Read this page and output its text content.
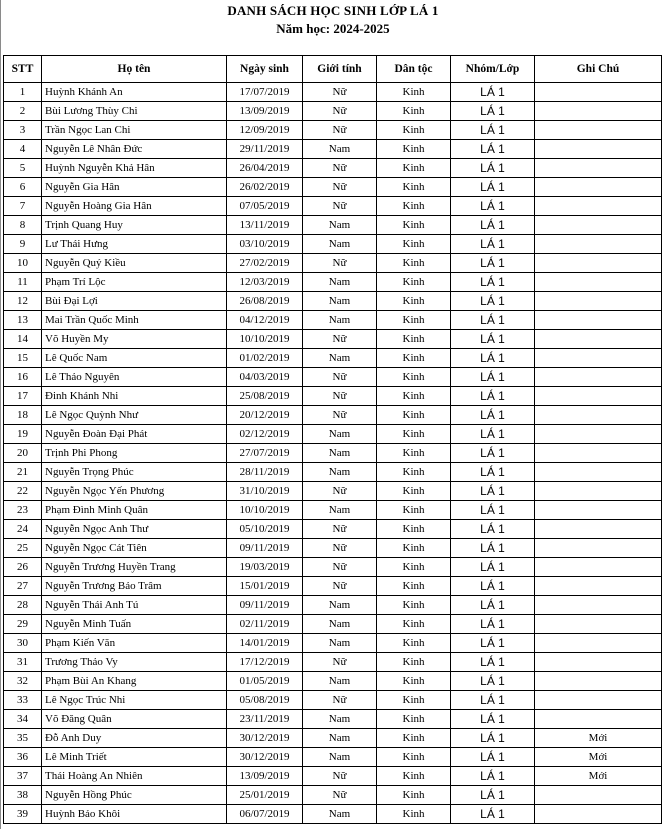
DANH SÁCH HỌC SINH LỚP LÁ 1
Năm học: 2024-2025
STT	Họ tên	Ngày sinh	Giới tính	Dân tộc	Nhóm/Lớp	Ghi Chú
1	Huỳnh Khánh An	17/07/2019	Nữ	Kinh	LÁ 1	
2	Bùi Lương Thùy Chi	13/09/2019	Nữ	Kinh	LÁ 1	
3	Trần Ngọc Lan Chi	12/09/2019	Nữ	Kinh	LÁ 1	
4	Nguyễn Lê Nhân Đức	29/11/2019	Nam	Kinh	LÁ 1	
5	Huỳnh Nguyễn Khả Hân	26/04/2019	Nữ	Kinh	LÁ 1	
6	Nguyễn Gia Hân	26/02/2019	Nữ	Kinh	LÁ 1	
7	Nguyễn Hoàng Gia Hân	07/05/2019	Nữ	Kinh	LÁ 1	
8	Trịnh Quang Huy	13/11/2019	Nam	Kinh	LÁ 1	
9	Lư Thái Hưng	03/10/2019	Nam	Kinh	LÁ 1	
10	Nguyễn Quý Kiều	27/02/2019	Nữ	Kinh	LÁ 1	
11	Phạm Trí Lộc	12/03/2019	Nam	Kinh	LÁ 1	
12	Bùi Đại Lợi	26/08/2019	Nam	Kinh	LÁ 1	
13	Mai Trần Quốc Minh	04/12/2019	Nam	Kinh	LÁ 1	
14	Võ Huyền My	10/10/2019	Nữ	Kinh	LÁ 1	
15	Lê Quốc Nam	01/02/2019	Nam	Kinh	LÁ 1	
16	Lê Thảo Nguyên	04/03/2019	Nữ	Kinh	LÁ 1	
17	Đinh Khánh Nhi	25/08/2019	Nữ	Kinh	LÁ 1	
18	Lê Ngọc Quỳnh Như	20/12/2019	Nữ	Kinh	LÁ 1	
19	Nguyễn Đoàn Đại Phát	02/12/2019	Nam	Kinh	LÁ 1	
20	Trịnh Phi Phong	27/07/2019	Nam	Kinh	LÁ 1	
21	Nguyễn Trọng Phúc	28/11/2019	Nam	Kinh	LÁ 1	
22	Nguyễn Ngọc Yến Phương	31/10/2019	Nữ	Kinh	LÁ 1	
23	Phạm Đình Minh Quân	10/10/2019	Nam	Kinh	LÁ 1	
24	Nguyễn Ngọc Anh Thư	05/10/2019	Nữ	Kinh	LÁ 1	
25	Nguyễn Ngọc Cát Tiên	09/11/2019	Nữ	Kinh	LÁ 1	
26	Nguyễn Trương Huyền Trang	19/03/2019	Nữ	Kinh	LÁ 1	
27	Nguyễn Trương Bảo Trâm	15/01/2019	Nữ	Kinh	LÁ 1	
28	Nguyễn Thái Anh Tú	09/11/2019	Nam	Kinh	LÁ 1	
29	Nguyễn Minh Tuấn	02/11/2019	Nam	Kinh	LÁ 1	
30	Phạm Kiến Văn	14/01/2019	Nam	Kinh	LÁ 1	
31	Trương Thảo Vy	17/12/2019	Nữ	Kinh	LÁ 1	
32	Phạm Bùi An Khang	01/05/2019	Nam	Kinh	LÁ 1	
33	Lê Ngọc Trúc Nhi	05/08/2019	Nữ	Kinh	LÁ 1	
34	Võ Đăng Quân	23/11/2019	Nam	Kinh	LÁ 1	
35	Đỗ Anh Duy	30/12/2019	Nam	Kinh	LÁ 1	Mới
36	Lê Minh Triết	30/12/2019	Nam	Kinh	LÁ 1	Mới
37	Thái Hoàng An Nhiên	13/09/2019	Nữ	Kinh	LÁ 1	Mới
38	Nguyễn Hồng Phúc	25/01/2019	Nữ	Kinh	LÁ 1	
39	Huỳnh Bảo Khôi	06/07/2019	Nam	Kinh	LÁ 1	
